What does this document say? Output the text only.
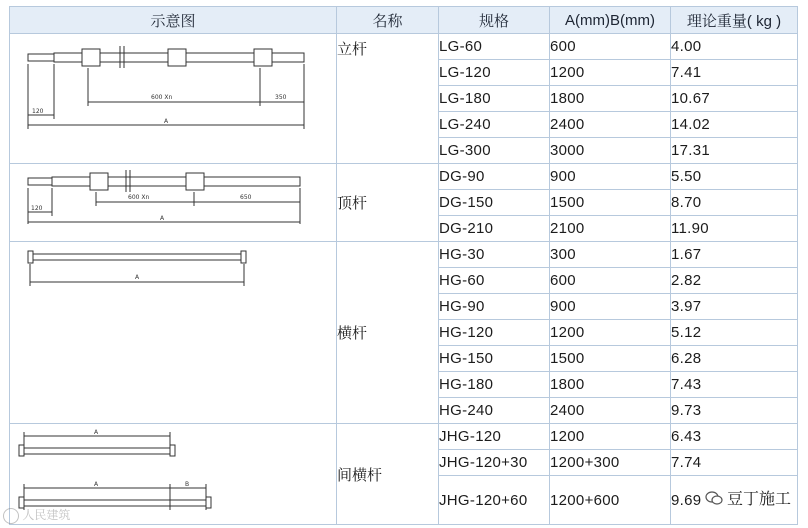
示意图	名称	规格	A(mm)B(mm)	理论重量( kg )

600 Xn 350
120
A	立杆	LG-60	600	4.00
		LG-120	1200	7.41
		LG-180	1800	10.67
		LG-240	2400	14.02
		LG-300	3000	17.31

600 Xn 650
120
A	顶杆	DG-90	900	5.50
		DG-150	1500	8.70
		DG-210	2100	11.90

A	横杆	HG-30	300	1.67
		HG-60	600	2.82
		HG-90	900	3.97
		HG-120	1200	5.12
		HG-150	1500	6.28
		HG-180	1800	7.43
		HG-240	2400	9.73

A
A B	间横杆	JHG-120	1200	6.43
		JHG-120+30	1200+300	7.74
		JHG-120+60	1200+600	9.69
人民建筑
豆丁施工
